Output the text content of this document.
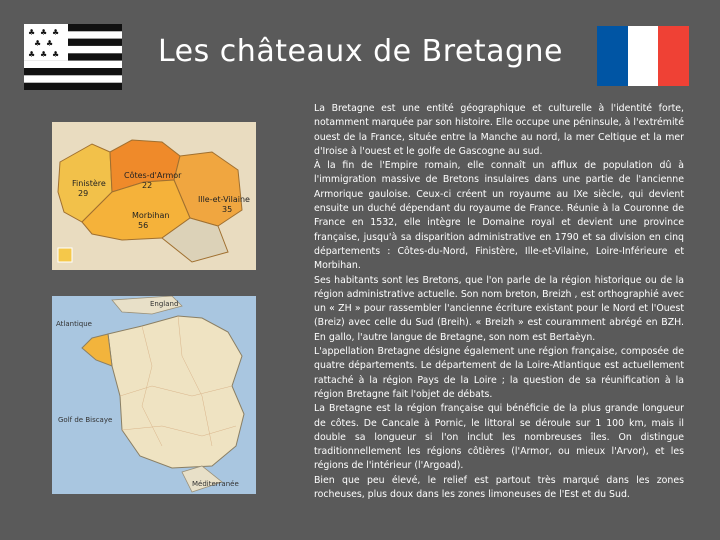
Les châteaux de Bretagne
♣ ♣ ♣
♣ ♣
♣ ♣ ♣
Finistère
29
Côtes-d'Armor
22
Ille-et-Vilaine
35
Morbihan
56
England
Atlantique
Golf de Biscaye
Méditerranée

La Bretagne est une entité géographique et culturelle à l'identité forte, notamment marquée par son histoire. Elle occupe une péninsule, à l'extrémité ouest de la France, située entre la Manche au nord, la mer Celtique et la mer d'Iroise à l'ouest et le golfe de Gascogne au sud.

À la fin de l'Empire romain, elle connaît un afflux de population dû à l'immigration massive de Bretons insulaires dans une partie de l'ancienne Armorique gauloise. Ceux-ci créent un royaume au IXe siècle, qui devient ensuite un duché dépendant du royaume de France. Réunie à la Couronne de France en 1532, elle intègre le Domaine royal et devient une province française, jusqu'à sa disparition administrative en 1790 et sa division en cinq départements : Côtes-du-Nord, Finistère, Ille-et-Vilaine, Loire-Inférieure et Morbihan.

Ses habitants sont les Bretons, que l'on parle de la région historique ou de la région administrative actuelle. Son nom breton, Breizh , est orthographié avec un « ZH » pour rassembler l'ancienne écriture existant pour le Nord et l'Ouest (Breiz) avec celle du Sud (Breih). « Breizh » est couramment abrégé en BZH. En gallo, l'autre langue de Bretagne, son nom est Bertaèyn.

L'appellation Bretagne désigne également une région française, composée de quatre départements. Le département de la Loire-Atlantique est actuellement rattaché à la région Pays de la Loire ; la question de sa réunification à la région Bretagne fait l'objet de débats.

La Bretagne est la région française qui bénéficie de la plus grande longueur de côtes. De Cancale à Pornic, le littoral se déroule sur 1 100 km, mais il double sa longueur si l'on inclut les nombreuses îles. On distingue traditionnellement les régions côtières (l'Armor, ou mieux l'Arvor), et les régions de l'intérieur (l'Argoad).

Bien que peu élevé, le relief est partout très marqué dans les zones rocheuses, plus doux dans les zones limoneuses de l'Est et du Sud.
